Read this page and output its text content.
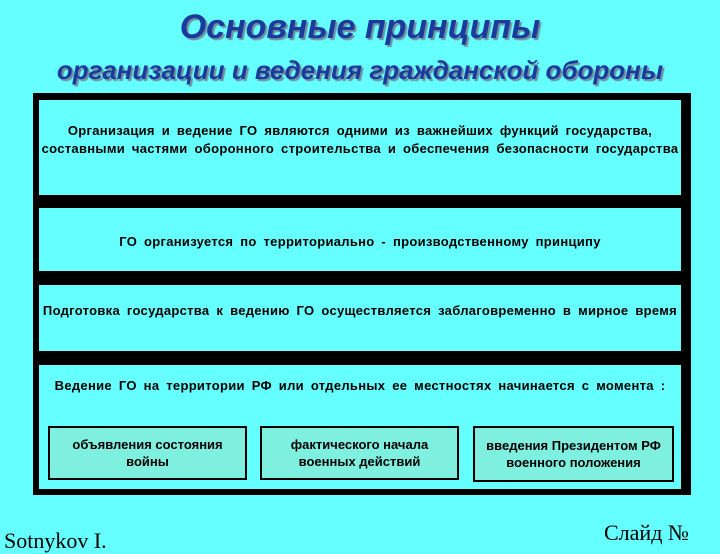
Основные принципы
организации и ведения гражданской обороны

Организация и ведение ГО являются одними из важнейших функций государства, составными частями оборонного строительства и обеспечения безопасности государства

ГО организуется по территориально - производственному принципу

Подготовка государства к ведению ГО осуществляется заблаговременно в мирное время

Ведение ГО на территории РФ или отдельных ее местностях начинается с момента :

объявления состояния войны
фактического начала военных действий
введения Президентом РФ военного положения
Sotnykov I.	Слайд №
